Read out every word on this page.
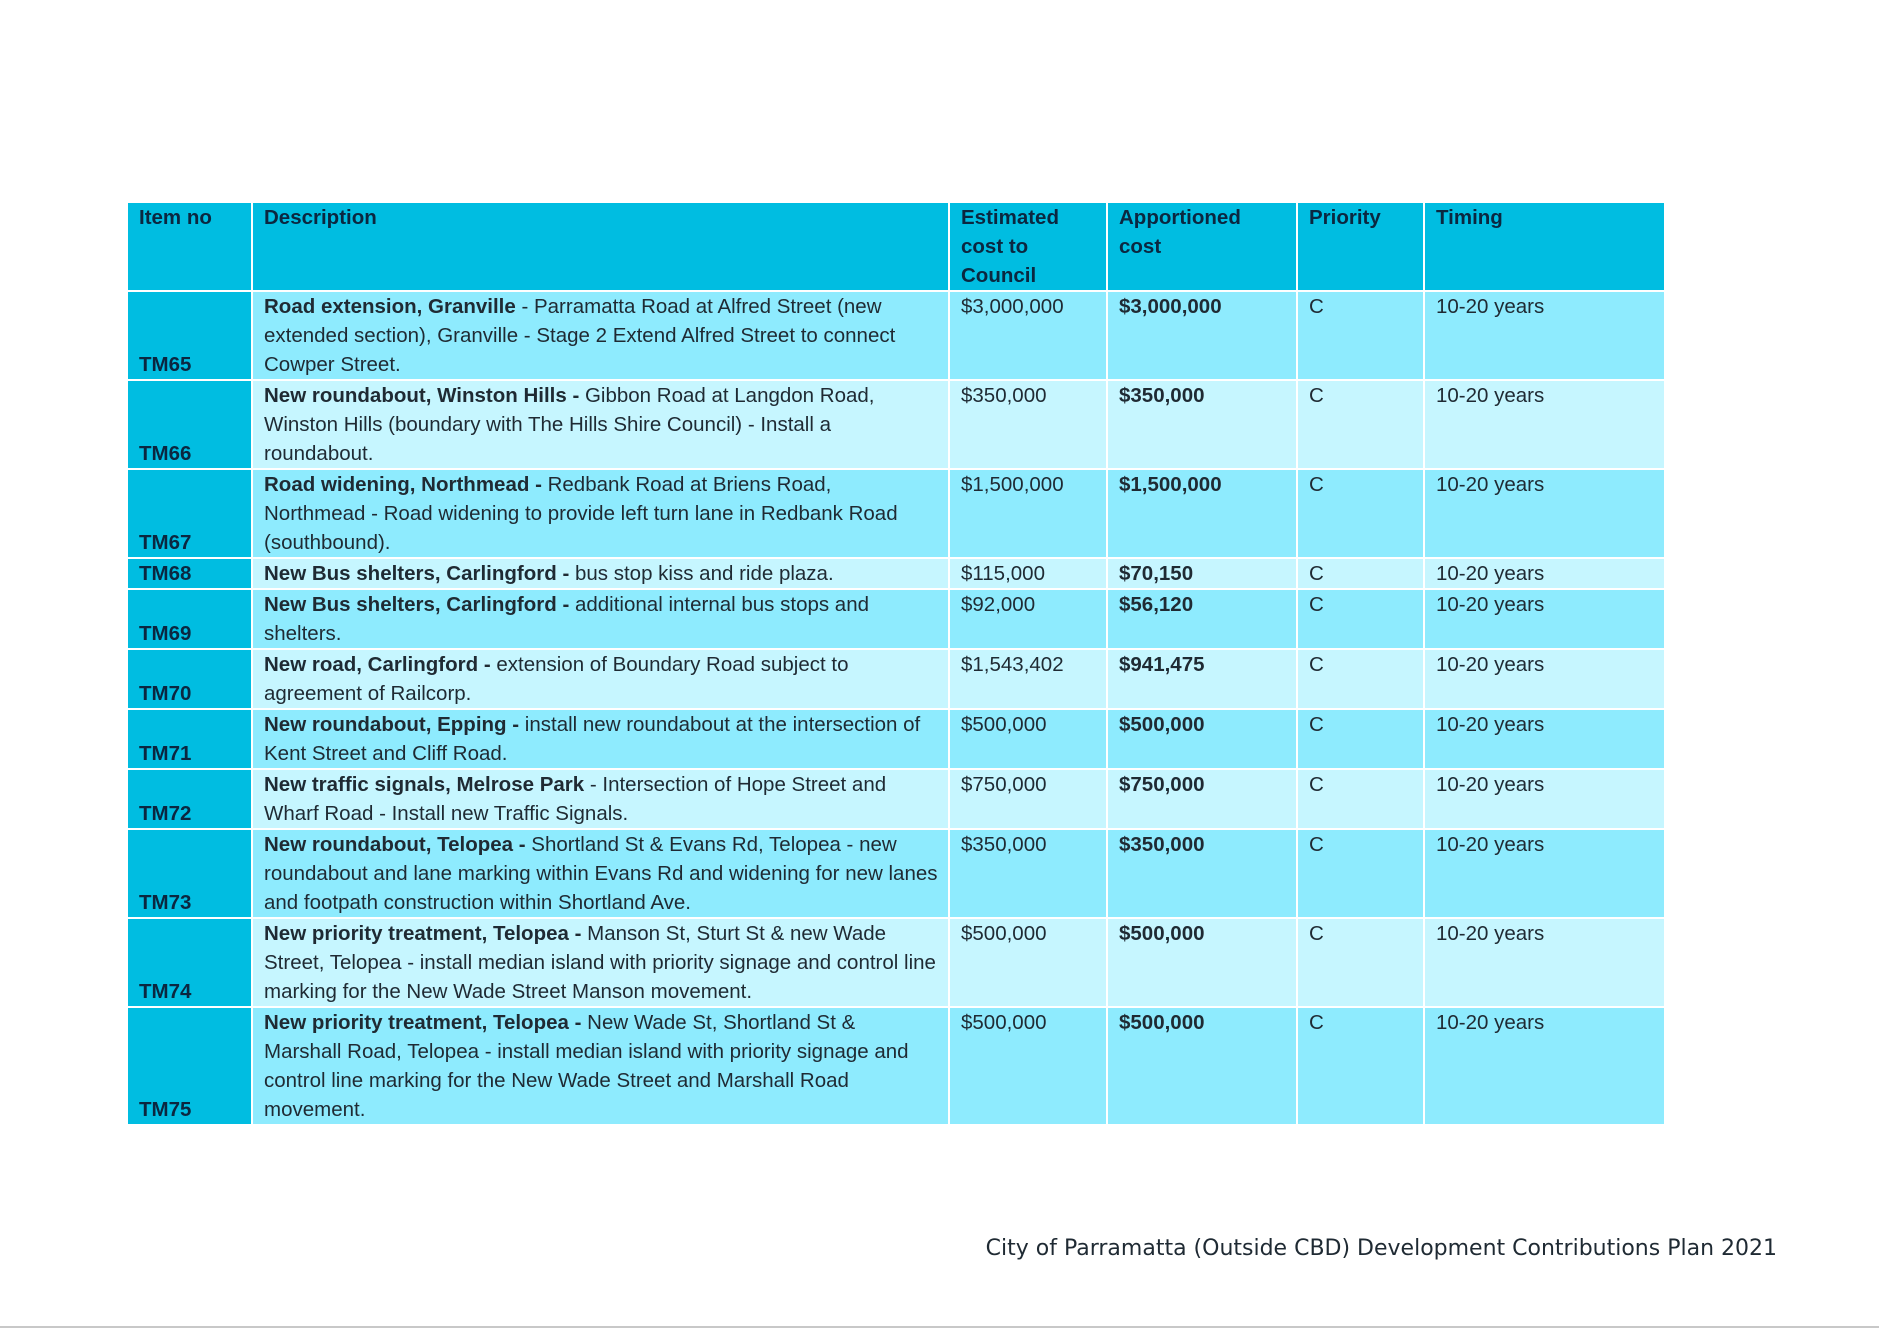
Item no	Description	Estimated cost to Council	Apportioned cost	Priority	Timing
TM65	Road extension, Granville - Parramatta Road at Alfred Street (new extended section), Granville - Stage 2 Extend Alfred Street to connect Cowper Street.	$3,000,000	$3,000,000	C	10-20 years
TM66	New roundabout, Winston Hills - Gibbon Road at Langdon Road, Winston Hills (boundary with The Hills Shire Council) - Install a roundabout.	$350,000	$350,000	C	10-20 years
TM67	Road widening, Northmead - Redbank Road at Briens Road, Northmead - Road widening to provide left turn lane in Redbank Road (southbound).	$1,500,000	$1,500,000	C	10-20 years
TM68	New Bus shelters, Carlingford - bus stop kiss and ride plaza.	$115,000	$70,150	C	10-20 years
TM69	New Bus shelters, Carlingford - additional internal bus stops and shelters.	$92,000	$56,120	C	10-20 years
TM70	New road, Carlingford - extension of Boundary Road subject to agreement of Railcorp.	$1,543,402	$941,475	C	10-20 years
TM71	New roundabout, Epping - install new roundabout at the intersection of Kent Street and Cliff Road.	$500,000	$500,000	C	10-20 years
TM72	New traffic signals, Melrose Park - Intersection of Hope Street and Wharf Road - Install new Traffic Signals.	$750,000	$750,000	C	10-20 years
TM73	New roundabout, Telopea - Shortland St & Evans Rd, Telopea - new roundabout and lane marking within Evans Rd and widening for new lanes and footpath construction within Shortland Ave.	$350,000	$350,000	C	10-20 years
TM74	New priority treatment, Telopea - Manson St, Sturt St & new Wade Street, Telopea - install median island with priority signage and control line marking for the New Wade Street Manson movement.	$500,000	$500,000	C	10-20 years
TM75	New priority treatment, Telopea - New Wade St, Shortland St & Marshall Road, Telopea - install median island with priority signage and control line marking for the New Wade Street and Marshall Road movement.	$500,000	$500,000	C	10-20 years
City of Parramatta (Outside CBD) Development Contributions Plan 2021
